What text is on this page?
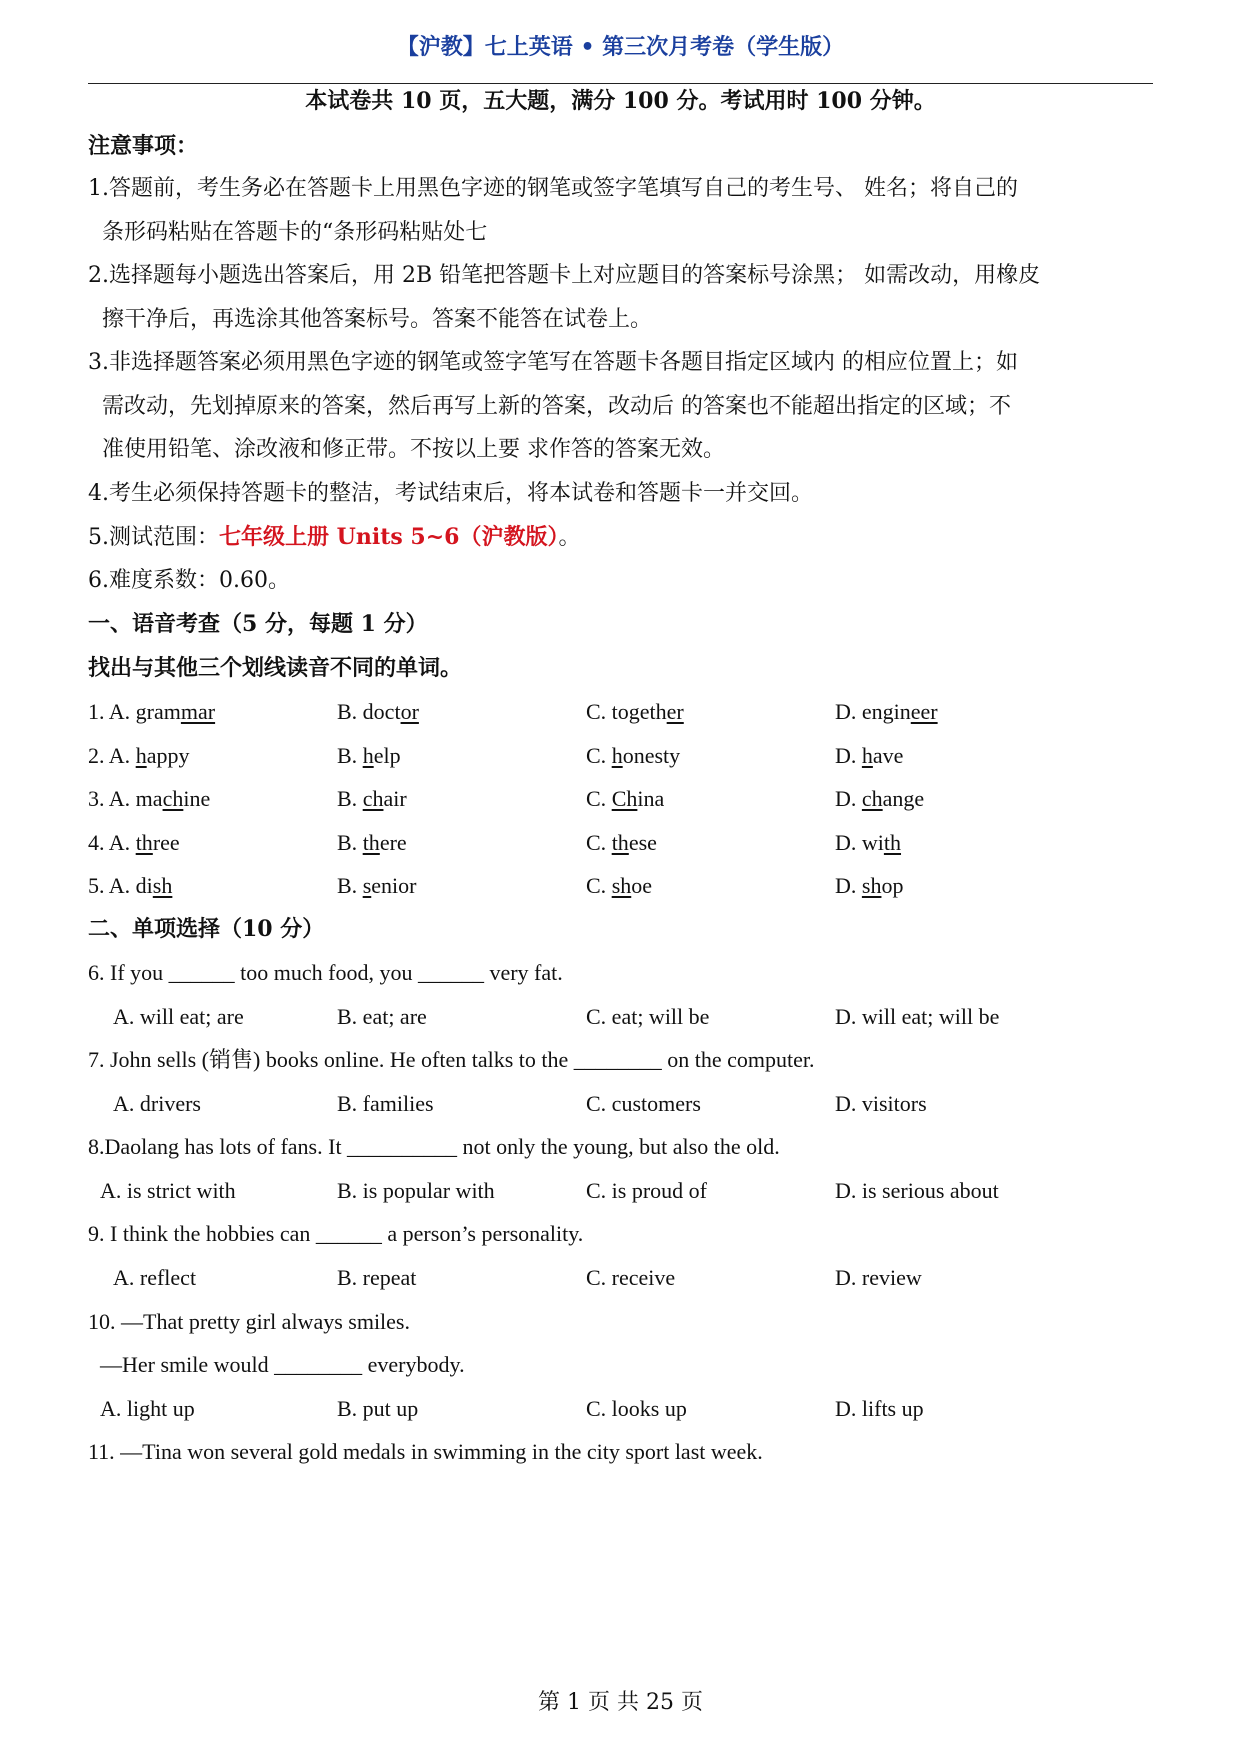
【沪教】七上英语 • 第三次月考卷（学生版）
本试卷共 10 页，五大题，满分 100 分。考试用时 100 分钟。
注意事项：
1.答题前，考生务必在答题卡上用黑色字迹的钢笔或签字笔填写自己的考生号、 姓名；将自己的
条形码粘贴在答题卡的“条形码粘贴处七
2.选择题每小题选出答案后，用 2B 铅笔把答题卡上对应题目的答案标号涂黑； 如需改动，用橡皮
擦干净后，再选涂其他答案标号。答案不能答在试卷上。
3.非选择题答案必须用黑色字迹的钢笔或签字笔写在答题卡各题目指定区域内 的相应位置上；如
需改动，先划掉原来的答案，然后再写上新的答案，改动后 的答案也不能超出指定的区域；不
准使用铅笔、涂改液和修正带。不按以上要 求作答的答案无效。
4.考生必须保持答题卡的整洁，考试结束后，将本试卷和答题卡一并交回。
5.测试范围：七年级上册 Units 5~6（沪教版）。
6.难度系数：0.60。
一、语音考查（5 分，每题 1 分）
找出与其他三个划线读音不同的单词。
1. A. grammar	B. doctor	C. together	D. engineer
2. A. happy	B. help	C. honesty	D. have
3. A. machine	B. chair	C. China	D. change
4. A. three	B. there	C. these	D. with
5. A. dish	B. senior	C. shoe	D. shop
二、单项选择（10 分）
6. If you ______ too much food, you ______ very fat.
A. will eat; are	B. eat; are	C. eat; will be	D. will eat; will be
7. John sells (销售) books online. He often talks to the ________ on the computer.
A. drivers	B. families	C. customers	D. visitors
8.Daolang has lots of fans. It __________ not only the young, but also the old.
A. is strict with	B. is popular with	C. is proud of	D. is serious about
9. I think the hobbies can ______ a person’s personality.
A. reflect	B. repeat	C. receive	D. review
10. —That pretty girl always smiles.
—Her smile would ________ everybody.
A. light up	B. put up	C. looks up	D. lifts up
11. —Tina won several gold medals in swimming in the city sport last week.
第 1 页 共 25 页
